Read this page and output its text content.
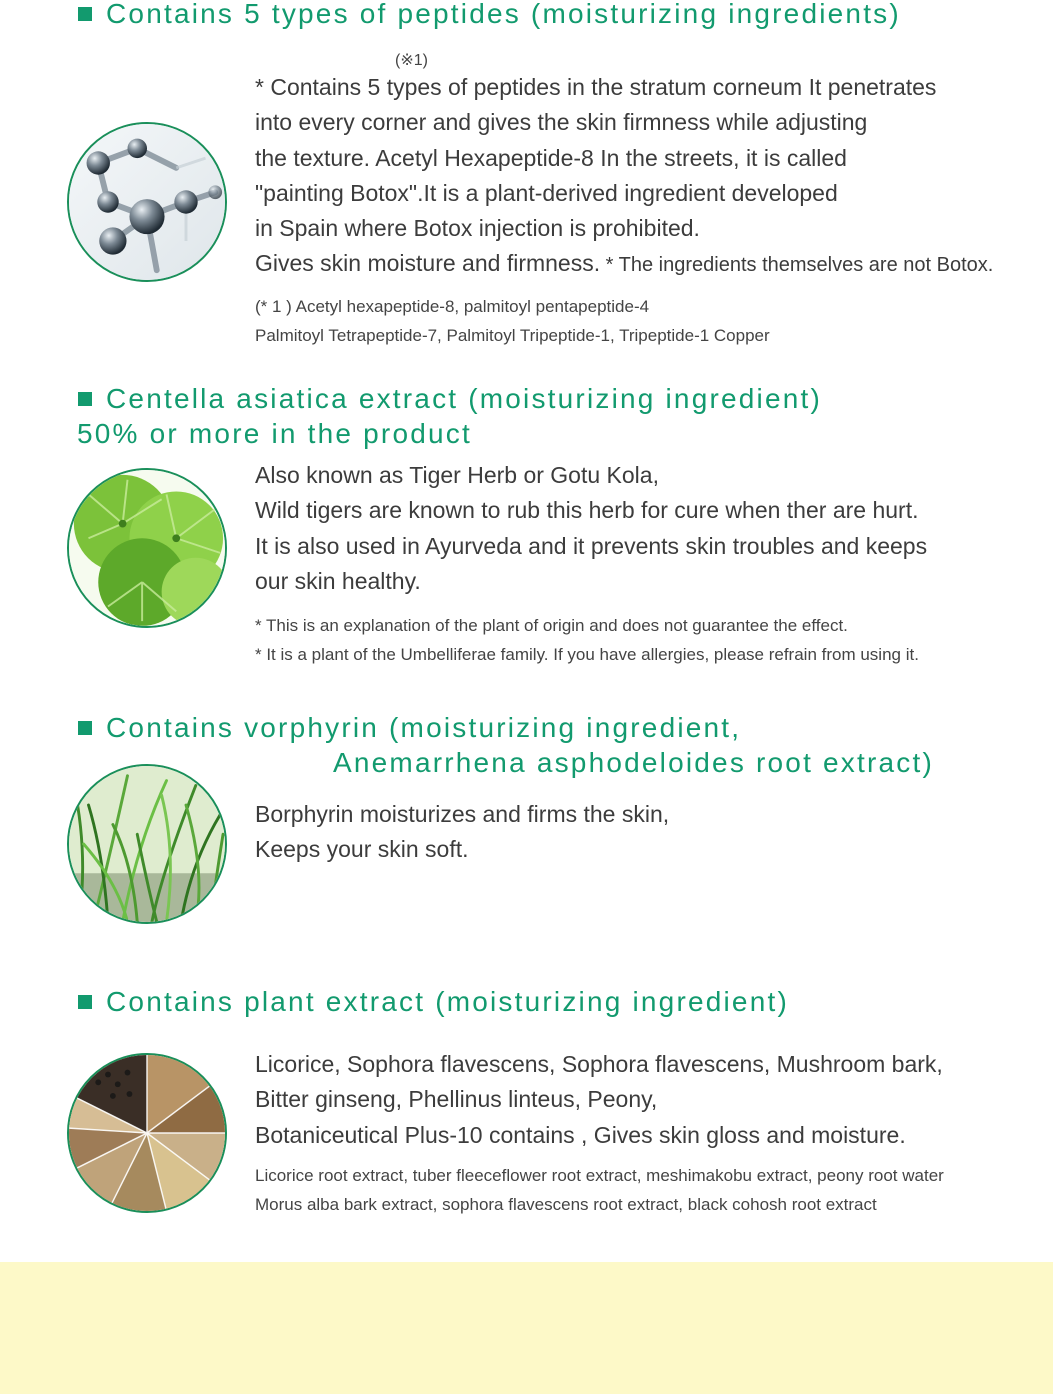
Contains 5 types of peptides (moisturizing ingredients)
(※1)
* Contains 5 types of peptides in the stratum corneum It penetrates
into every corner and gives the skin firmness while adjusting
the texture. Acetyl Hexapeptide-8 In the streets, it is called
"painting Botox".It is a plant-derived ingredient developed
in Spain where Botox injection is prohibited.
Gives skin moisture and firmness. * The ingredients themselves are not Botox.
(* 1 ) Acetyl hexapeptide-8, palmitoyl pentapeptide-4
Palmitoyl Tetrapeptide-7, Palmitoyl Tripeptide-1, Tripeptide-1 Copper
Centella asiatica extract (moisturizing ingredient)
50% or more in the product
Also known as Tiger Herb or Gotu Kola,
Wild tigers are known to rub this herb for cure when ther are hurt.
It is also used in Ayurveda and it prevents skin troubles and keeps
our skin healthy.
* This is an explanation of the plant of origin and does not guarantee the effect.
* It is a plant of the Umbelliferae family. If you have allergies, please refrain from using it.
Contains vorphyrin (moisturizing ingredient,
Anemarrhena asphodeloides root extract)
Borphyrin moisturizes and firms the skin,
Keeps your skin soft.
Contains plant extract (moisturizing ingredient)
Licorice, Sophora flavescens, Sophora flavescens, Mushroom bark,
Bitter ginseng, Phellinus linteus, Peony,
Botaniceutical Plus-10 contains , Gives skin gloss and moisture.
Licorice root extract, tuber fleeceflower root extract, meshimakobu extract, peony root water
Morus alba bark extract, sophora flavescens root extract, black cohosh root extract
